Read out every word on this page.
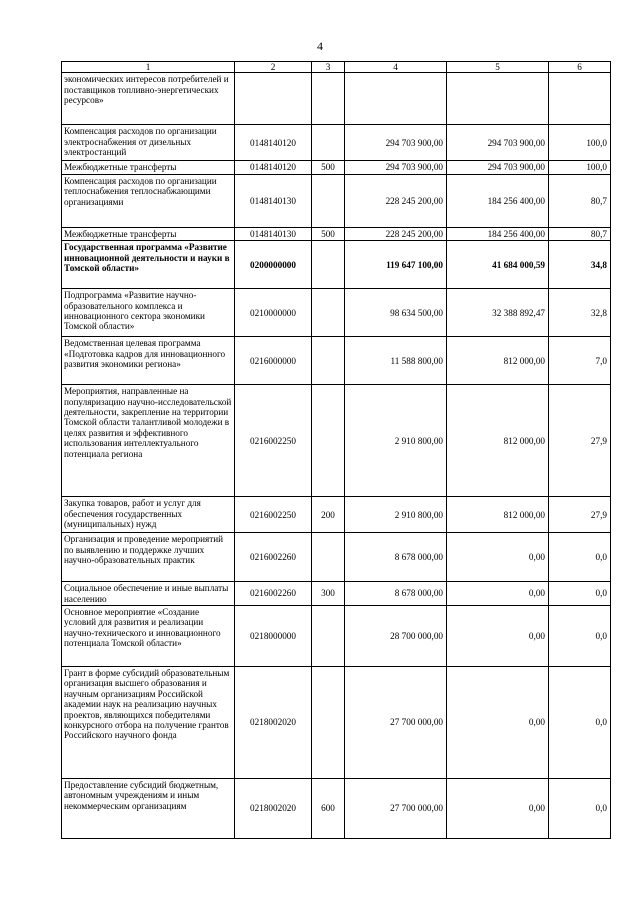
4
1	2	3	4	5	6
экономических интересов потребителей и поставщиков топливно-энергетических ресурсов»					
Компенсация расходов по организации электроснабжения от дизельных электростанций	0148140120		294 703 900,00	294 703 900,00	100,0
Межбюджетные трансферты	0148140120	500	294 703 900,00	294 703 900,00	100,0
Компенсация расходов по организации теплоснабжения теплоснабжающими организациями	0148140130		228 245 200,00	184 256 400,00	80,7
Межбюджетные трансферты	0148140130	500	228 245 200,00	184 256 400,00	80,7
Государственная программа «Развитие инновационной деятельности и науки в Томской области»	0200000000		119 647 100,00	41 684 000,59	34,8
Подпрограмма «Развитие научно-образовательного комплекса и инновационного сектора экономики Томской области»	0210000000		98 634 500,00	32 388 892,47	32,8
Ведомственная целевая программа «Подготовка кадров для инновационного развития экономики региона»	0216000000		11 588 800,00	812 000,00	7,0
Мероприятия, направленные на популяризацию научно-исследовательской деятельности, закрепление на территории Томской области талантливой молодежи в целях развития и эффективного использования интеллектуального потенциала региона	0216002250		2 910 800,00	812 000,00	27,9
Закупка товаров, работ и услуг для обеспечения государственных (муниципальных) нужд	0216002250	200	2 910 800,00	812 000,00	27,9
Организация и проведение мероприятий по выявлению и поддержке лучших научно-образовательных практик	0216002260		8 678 000,00	0,00	0,0
Социальное обеспечение и иные выплаты населению	0216002260	300	8 678 000,00	0,00	0,0
Основное мероприятие «Создание условий для развития и реализации научно-технического и инновационного потенциала Томской области»	0218000000		28 700 000,00	0,00	0,0
Грант в форме субсидий образовательным организация высшего образования и научным организациям Российской академии наук на реализацию научных проектов, являющихся победителями конкурсного отбора на получение грантов Российского научного фонда	0218002020		27 700 000,00	0,00	0,0
Предоставление субсидий бюджетным, автономным учреждениям и иным некоммерческим организациям	0218002020	600	27 700 000,00	0,00	0,0
